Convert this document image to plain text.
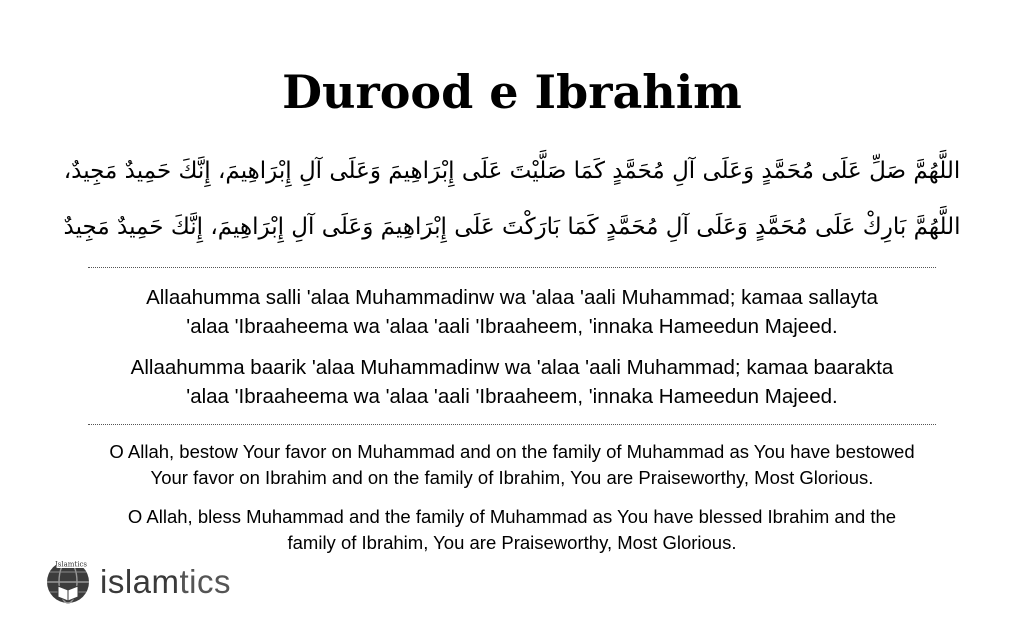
Durood e Ibrahim
اللَّهُمَّ صَلِّ عَلَى مُحَمَّدٍ وَعَلَى آلِ مُحَمَّدٍ كَمَا صَلَّيْتَ عَلَى إِبْرَاهِيمَ وَعَلَى آلِ إِبْرَاهِيمَ، إِنَّكَ حَمِيدٌ مَجِيدٌ،
اللَّهُمَّ بَارِكْ عَلَى مُحَمَّدٍ وَعَلَى آلِ مُحَمَّدٍ كَمَا بَارَكْتَ عَلَى إِبْرَاهِيمَ وَعَلَى آلِ إِبْرَاهِيمَ، إِنَّكَ حَمِيدٌ مَجِيدٌ
Allaahumma salli 'alaa Muhammadinw wa 'alaa 'aali Muhammad; kamaa sallayta
'alaa 'Ibraaheema wa 'alaa 'aali 'Ibraaheem, 'innaka Hameedun Majeed.
Allaahumma baarik 'alaa Muhammadinw wa 'alaa 'aali Muhammad; kamaa baarakta
'alaa 'Ibraaheema wa 'alaa 'aali 'Ibraaheem, 'innaka Hameedun Majeed.
O Allah, bestow Your favor on Muhammad and on the family of Muhammad as You have bestowed
Your favor on Ibrahim and on the family of Ibrahim, You are Praiseworthy, Most Glorious.
O Allah, bless Muhammad and the family of Muhammad as You have blessed Ibrahim and the
family of Ibrahim, You are Praiseworthy, Most Glorious.
Islamtics islamtics
